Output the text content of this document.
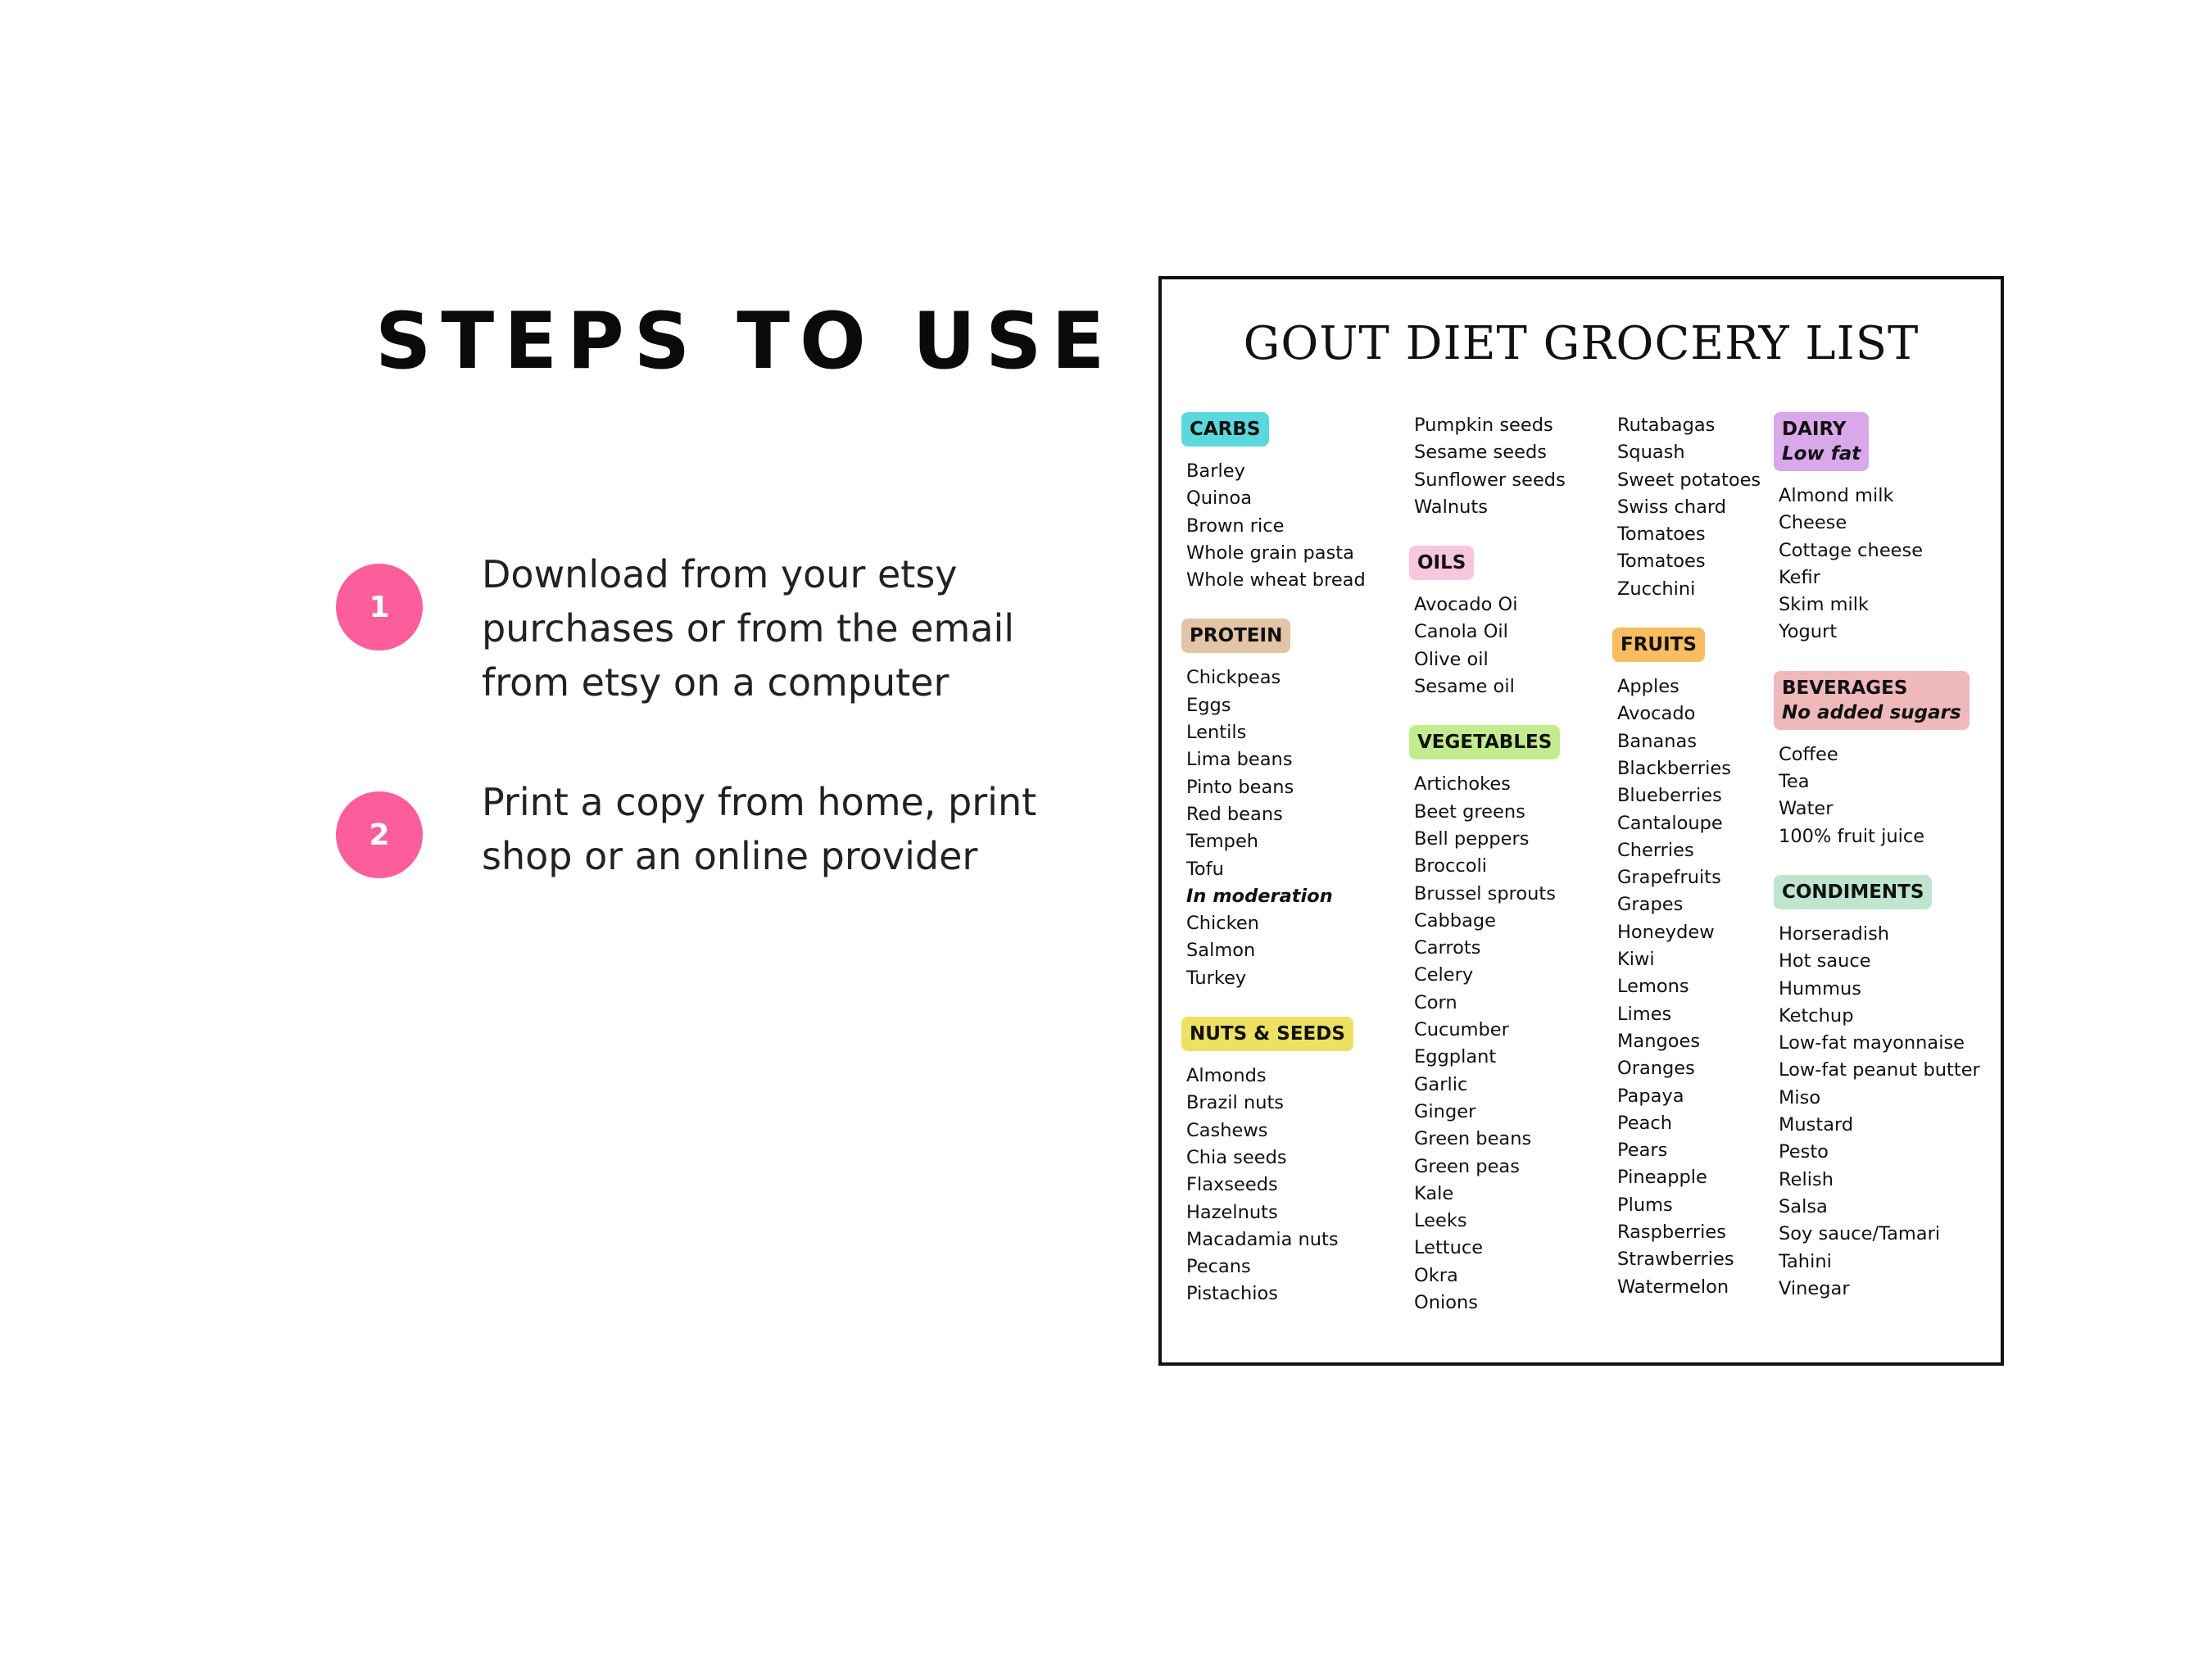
STEPS TO USE
1
Download from your etsy purchases or from the email from etsy on a computer
2
Print a copy from home, print shop or an online provider
GOUT DIET GROCERY LIST
CARBS
Barley
Quinoa
Brown rice
Whole grain pasta
Whole wheat bread
PROTEIN
Chickpeas
Eggs
Lentils
Lima beans
Pinto beans
Red beans
Tempeh
Tofu
In moderation
Chicken
Salmon
Turkey
NUTS & SEEDS
Almonds
Brazil nuts
Cashews
Chia seeds
Flaxseeds
Hazelnuts
Macadamia nuts
Pecans
Pistachios
Pumpkin seeds
Sesame seeds
Sunflower seeds
Walnuts
OILS
Avocado Oi
Canola Oil
Olive oil
Sesame oil
VEGETABLES
Artichokes
Beet greens
Bell peppers
Broccoli
Brussel sprouts
Cabbage
Carrots
Celery
Corn
Cucumber
Eggplant
Garlic
Ginger
Green beans
Green peas
Kale
Leeks
Lettuce
Okra
Onions
Rutabagas
Squash
Sweet potatoes
Swiss chard
Tomatoes
Tomatoes
Zucchini
FRUITS
Apples
Avocado
Bananas
Blackberries
Blueberries
Cantaloupe
Cherries
Grapefruits
Grapes
Honeydew
Kiwi
Lemons
Limes
Mangoes
Oranges
Papaya
Peach
Pears
Pineapple
Plums
Raspberries
Strawberries
Watermelon
DAIRY
Low fat
Almond milk
Cheese
Cottage cheese
Kefir
Skim milk
Yogurt
BEVERAGES
No added sugars
Coffee
Tea
Water
100% fruit juice
CONDIMENTS
Horseradish
Hot sauce
Hummus
Ketchup
Low-fat mayonnaise
Low-fat peanut butter
Miso
Mustard
Pesto
Relish
Salsa
Soy sauce/Tamari
Tahini
Vinegar
